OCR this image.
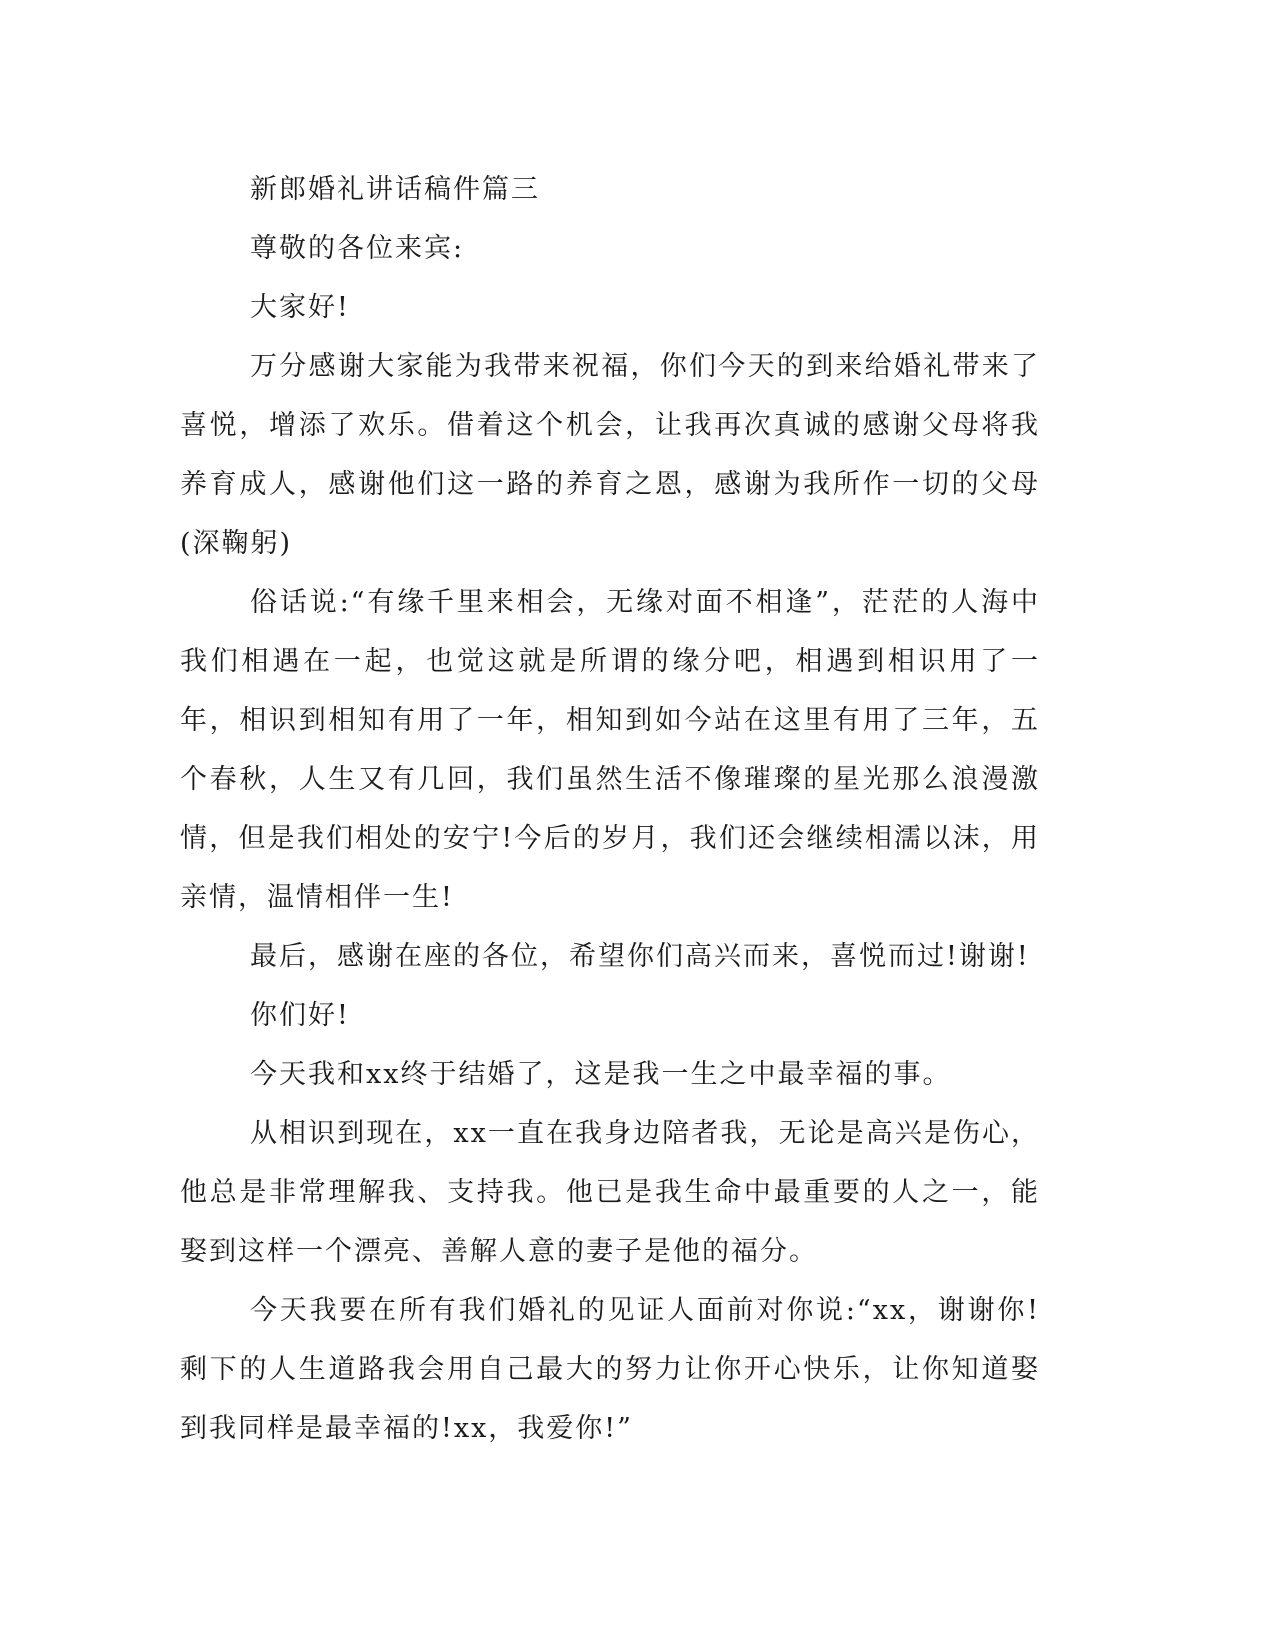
新郎婚礼讲话稿件篇三

尊敬的各位来宾:

大家好!

万分感谢大家能为我带来祝福，你们今天的到来给婚礼带来了喜悦，增添了欢乐。借着这个机会，让我再次真诚的感谢父母将我养育成人，感谢他们这一路的养育之恩，感谢为我所作一切的父母(深鞠躬)

俗话说:“有缘千里来相会，无缘对面不相逢”，茫茫的人海中我们相遇在一起，也觉这就是所谓的缘分吧，相遇到相识用了一年，相识到相知有用了一年，相知到如今站在这里有用了三年，五个春秋，人生又有几回，我们虽然生活不像璀璨的星光那么浪漫激情，但是我们相处的安宁!今后的岁月，我们还会继续相濡以沫，用亲情，温情相伴一生!

最后，感谢在座的各位，希望你们高兴而来，喜悦而过!谢谢!

你们好!

今天我和xx终于结婚了，这是我一生之中最幸福的事。

从相识到现在，xx一直在我身边陪者我，无论是高兴是伤心，他总是非常理解我、支持我。他已是我生命中最重要的人之一，能娶到这样一个漂亮、善解人意的妻子是他的福分。

今天我要在所有我们婚礼的见证人面前对你说:“xx，谢谢你!剩下的人生道路我会用自己最大的努力让你开心快乐，让你知道娶到我同样是最幸福的!xx，我爱你!”
